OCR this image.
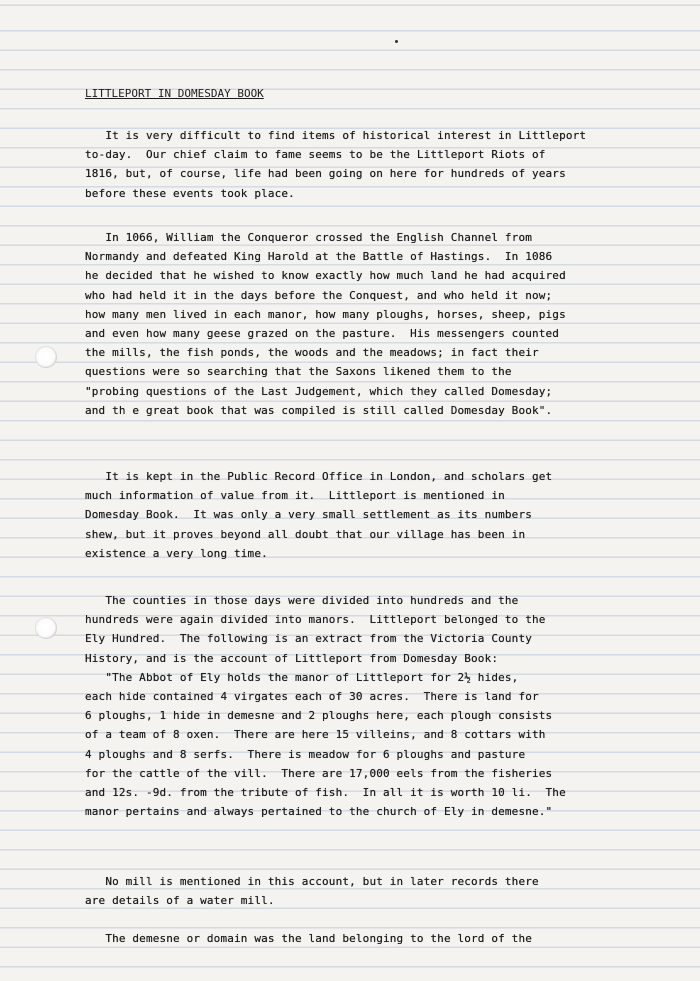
LITTLEPORT IN DOMESDAY BOOK
It is very difficult to find items of historical interest in Littleport
to-day.  Our chief claim to fame seems to be the Littleport Riots of
1816, but, of course, life had been going on here for hundreds of years
before these events took place.
In 1066, William the Conqueror crossed the English Channel from
Normandy and defeated King Harold at the Battle of Hastings.  In 1086
he decided that he wished to know exactly how much land he had acquired
who had held it in the days before the Conquest, and who held it now;
how many men lived in each manor, how many ploughs, horses, sheep, pigs
and even how many geese grazed on the pasture.  His messengers counted
the mills, the fish ponds, the woods and the meadows; in fact their
questions were so searching that the Saxons likened them to the
"probing questions of the Last Judgement, which they called Domesday;
and th e great book that was compiled is still called Domesday Book".
It is kept in the Public Record Office in London, and scholars get
much information of value from it.  Littleport is mentioned in
Domesday Book.  It was only a very small settlement as its numbers
shew, but it proves beyond all doubt that our village has been in
existence a very long time.
The counties in those days were divided into hundreds and the
hundreds were again divided into manors.  Littleport belonged to the
Ely Hundred.  The following is an extract from the Victoria County
History, and is the account of Littleport from Domesday Book:
"The Abbot of Ely holds the manor of Littleport for 2½ hides,
each hide contained 4 virgates each of 30 acres.  There is land for
6 ploughs, 1 hide in demesne and 2 ploughs here, each plough consists
of a team of 8 oxen.  There are here 15 villeins, and 8 cottars with
4 ploughs and 8 serfs.  There is meadow for 6 ploughs and pasture
for the cattle of the vill.  There are 17,000 eels from the fisheries
and 12s. -9d. from the tribute of fish.  In all it is worth 10 li.  The
manor pertains and always pertained to the church of Ely in demesne."
No mill is mentioned in this account, but in later records there
are details of a water mill.
The demesne or domain was the land belonging to the lord of the
